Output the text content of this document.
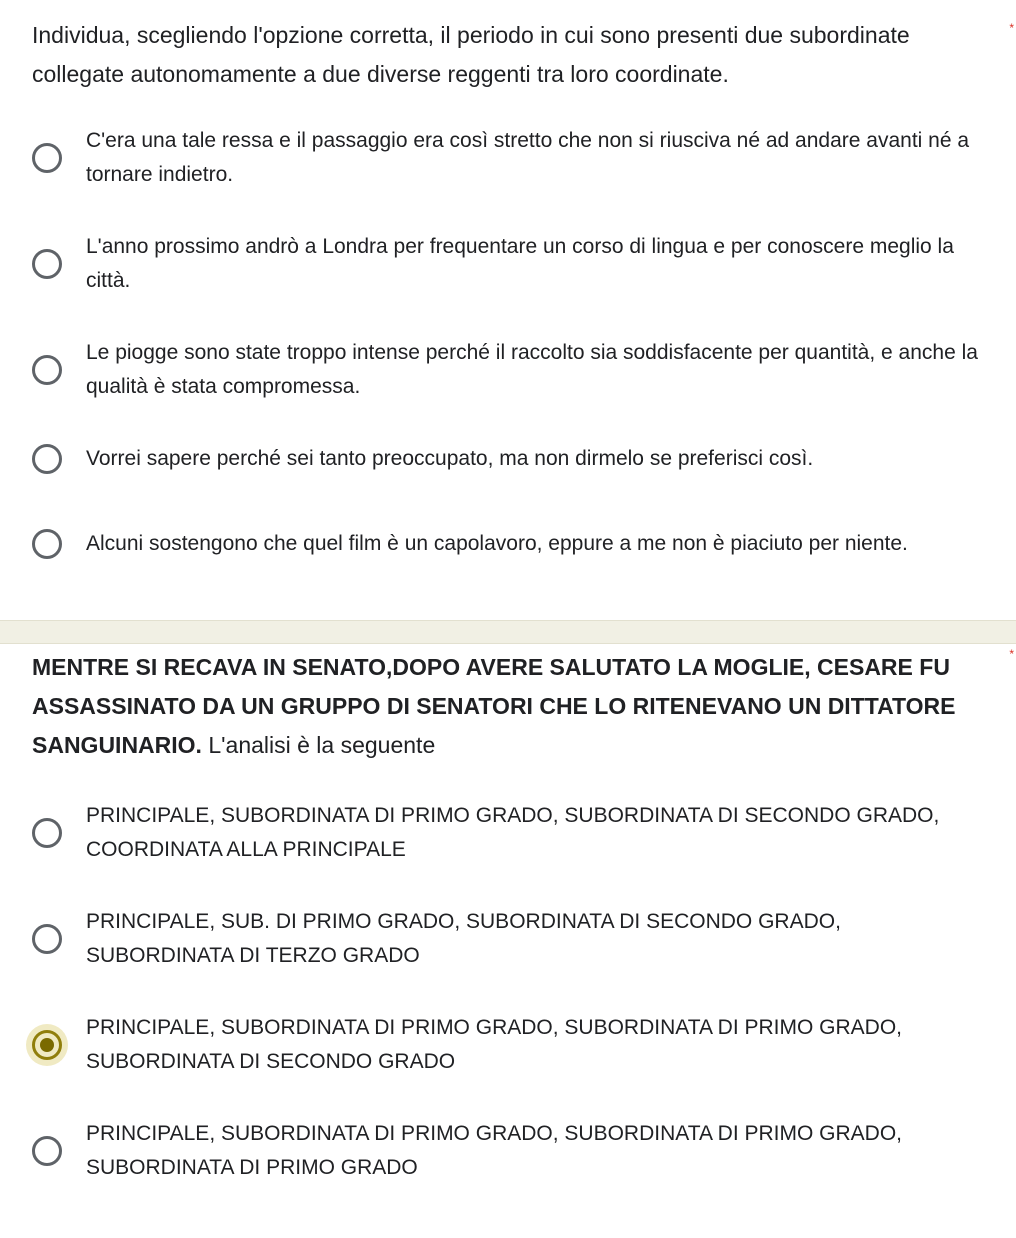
*

Individua, scegliendo l'opzione corretta, il periodo in cui sono presenti due subordinate collegate autonomamente a due diverse reggenti tra loro coordinate.

C'era una tale ressa e il passaggio era così stretto che non si riusciva né ad andare avanti né a tornare indietro.
L'anno prossimo andrò a Londra per frequentare un corso di lingua e per conoscere meglio la città.
Le piogge sono state troppo intense perché il raccolto sia soddisfacente per quantità, e anche la qualità è stata compromessa.
Vorrei sapere perché sei tanto preoccupato, ma non dirmelo se preferisci così.
Alcuni sostengono che quel film è un capolavoro, eppure a me non è piaciuto per niente.
*

MENTRE SI RECAVA IN SENATO,DOPO AVERE SALUTATO LA MOGLIE, CESARE FU ASSASSINATO DA UN GRUPPO DI SENATORI CHE LO RITENEVANO UN DITTATORE SANGUINARIO. L'analisi è la seguente

PRINCIPALE, SUBORDINATA DI PRIMO GRADO, SUBORDINATA DI SECONDO GRADO, COORDINATA ALLA PRINCIPALE
PRINCIPALE, SUB. DI PRIMO GRADO, SUBORDINATA DI SECONDO GRADO, SUBORDINATA DI TERZO GRADO
PRINCIPALE, SUBORDINATA DI PRIMO GRADO, SUBORDINATA DI PRIMO GRADO, SUBORDINATA DI SECONDO GRADO
PRINCIPALE, SUBORDINATA DI PRIMO GRADO, SUBORDINATA DI PRIMO GRADO, SUBORDINATA DI PRIMO GRADO
